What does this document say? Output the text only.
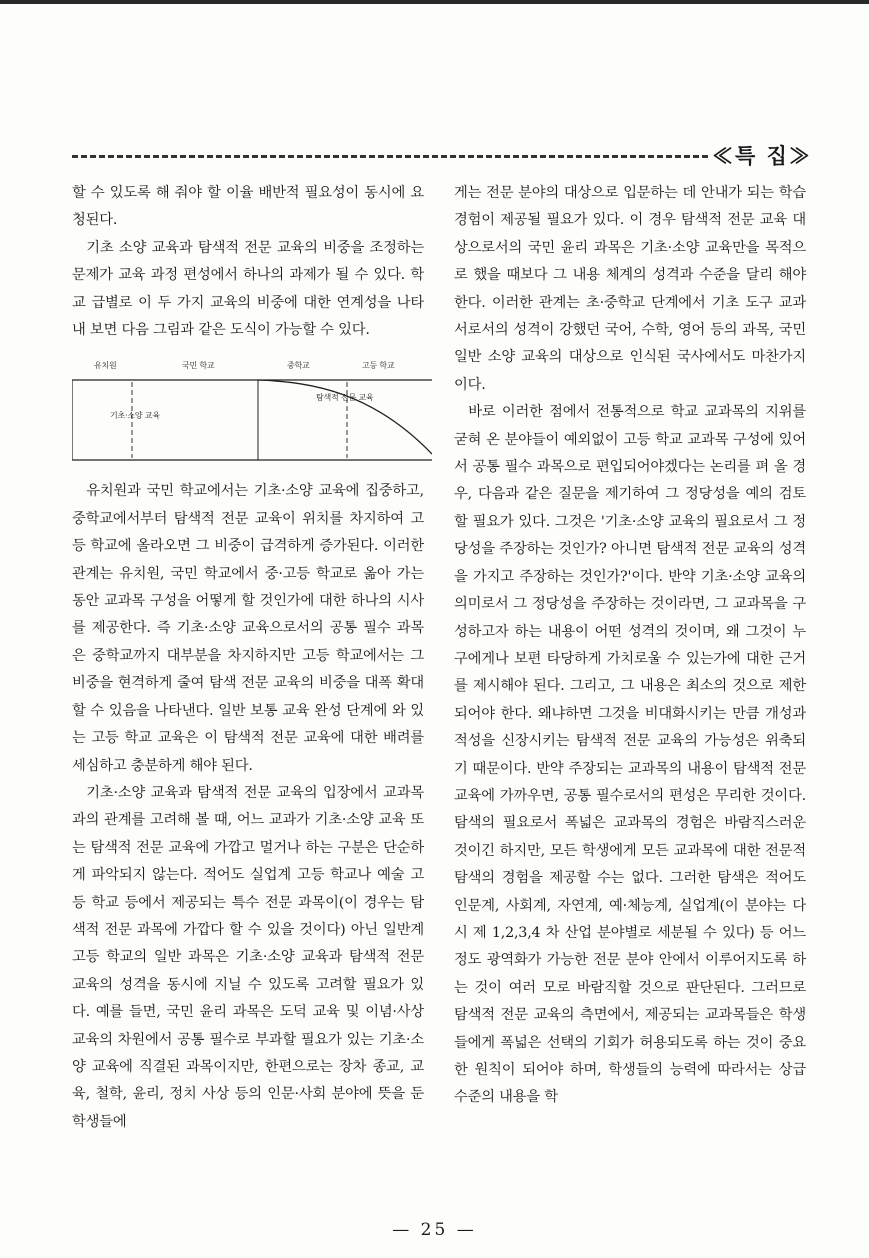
≪특 집≫

할 수 있도록 해 줘야 할 이율 배반적 필요성이 동시에 요청된다.

기초 소양 교육과 탐색적 전문 교육의 비중을 조정하는 문제가 교육 과정 편성에서 하나의 과제가 될 수 있다. 학교 급별로 이 두 가지 교육의 비중에 대한 연계성을 나타내 보면 다음 그림과 같은 도식이 가능할 수 있다.

유치원	국민 학교	중학교	고등 학교
기초·소양 교육
탐색적 전문 교육

유치원과 국민 학교에서는 기초·소양 교육에 집중하고, 중학교에서부터 탐색적 전문 교육이 위치를 차지하여 고등 학교에 올라오면 그 비중이 급격하게 증가된다. 이러한 관계는 유치원, 국민 학교에서 중·고등 학교로 옮아 가는 동안 교과목 구성을 어떻게 할 것인가에 대한 하나의 시사를 제공한다. 즉 기초·소양 교육으로서의 공통 필수 과목은 중학교까지 대부분을 차지하지만 고등 학교에서는 그 비중을 현격하게 줄여 탐색 전문 교육의 비중을 대폭 확대할 수 있음을 나타낸다. 일반 보통 교육 완성 단계에 와 있는 고등 학교 교육은 이 탐색적 전문 교육에 대한 배려를 세심하고 충분하게 해야 된다.

기초·소양 교육과 탐색적 전문 교육의 입장에서 교과목과의 관계를 고려해 볼 때, 어느 교과가 기초·소양 교육 또는 탐색적 전문 교육에 가깝고 멀거나 하는 구분은 단순하게 파악되지 않는다. 적어도 실업계 고등 학교나 예술 고등 학교 등에서 제공되는 특수 전문 과목이(이 경우는 탐색적 전문 과목에 가깝다 할 수 있을 것이다) 아닌 일반계 고등 학교의 일반 과목은 기초·소양 교육과 탐색적 전문 교육의 성격을 동시에 지닐 수 있도록 고려할 필요가 있다. 예를 들면, 국민 윤리 과목은 도덕 교육 및 이념·사상 교육의 차원에서 공통 필수로 부과할 필요가 있는 기초·소양 교육에 직결된 과목이지만, 한편으로는 장차 종교, 교육, 철학, 윤리, 정치 사상 등의 인문·사회 분야에 뜻을 둔 학생들에

게는 전문 분야의 대상으로 입문하는 데 안내가 되는 학습 경험이 제공될 필요가 있다. 이 경우 탐색적 전문 교육 대상으로서의 국민 윤리 과목은 기초·소양 교육만을 목적으로 했을 때보다 그 내용 체계의 성격과 수준을 달리 해야 한다. 이러한 관계는 초·중학교 단계에서 기초 도구 교과서로서의 성격이 강했던 국어, 수학, 영어 등의 과목, 국민 일반 소양 교육의 대상으로 인식된 국사에서도 마찬가지이다.

바로 이러한 점에서 전통적으로 학교 교과목의 지위를 굳혀 온 분야들이 예외없이 고등 학교 교과목 구성에 있어서 공통 필수 과목으로 편입되어야겠다는 논리를 펴 올 경우, 다음과 같은 질문을 제기하여 그 정당성을 예의 검토할 필요가 있다. 그것은 '기초·소양 교육의 필요로서 그 정당성을 주장하는 것인가? 아니면 탐색적 전문 교육의 성격을 가지고 주장하는 것인가?'이다. 반약 기초·소양 교육의 의미로서 그 정당성을 주장하는 것이라면, 그 교과목을 구성하고자 하는 내용이 어떤 성격의 것이며, 왜 그것이 누구에게나 보편 타당하게 가치로울 수 있는가에 대한 근거를 제시해야 된다. 그리고, 그 내용은 최소의 것으로 제한되어야 한다. 왜냐하면 그것을 비대화시키는 만큼 개성과 적성을 신장시키는 탐색적 전문 교육의 가능성은 위축되기 때문이다. 반약 주장되는 교과목의 내용이 탐색적 전문 교육에 가까우면, 공통 필수로서의 편성은 무리한 것이다. 탐색의 필요로서 폭넓은 교과목의 경험은 바람직스러운 것이긴 하지만, 모든 학생에게 모든 교과목에 대한 전문적 탐색의 경험을 제공할 수는 없다. 그러한 탐색은 적어도 인문계, 사회계, 자연계, 예·체능계, 실업계(이 분야는 다시 제 1,2,3,4 차 산업 분야별로 세분될 수 있다) 등 어느 정도 광역화가 가능한 전문 분야 안에서 이루어지도록 하는 것이 여러 모로 바람직할 것으로 판단된다. 그러므로 탐색적 전문 교육의 측면에서, 제공되는 교과목들은 학생들에게 폭넓은 선택의 기회가 허용되도록 하는 것이 중요한 원칙이 되어야 하며, 학생들의 능력에 따라서는 상급 수준의 내용을 학

— 25 —
